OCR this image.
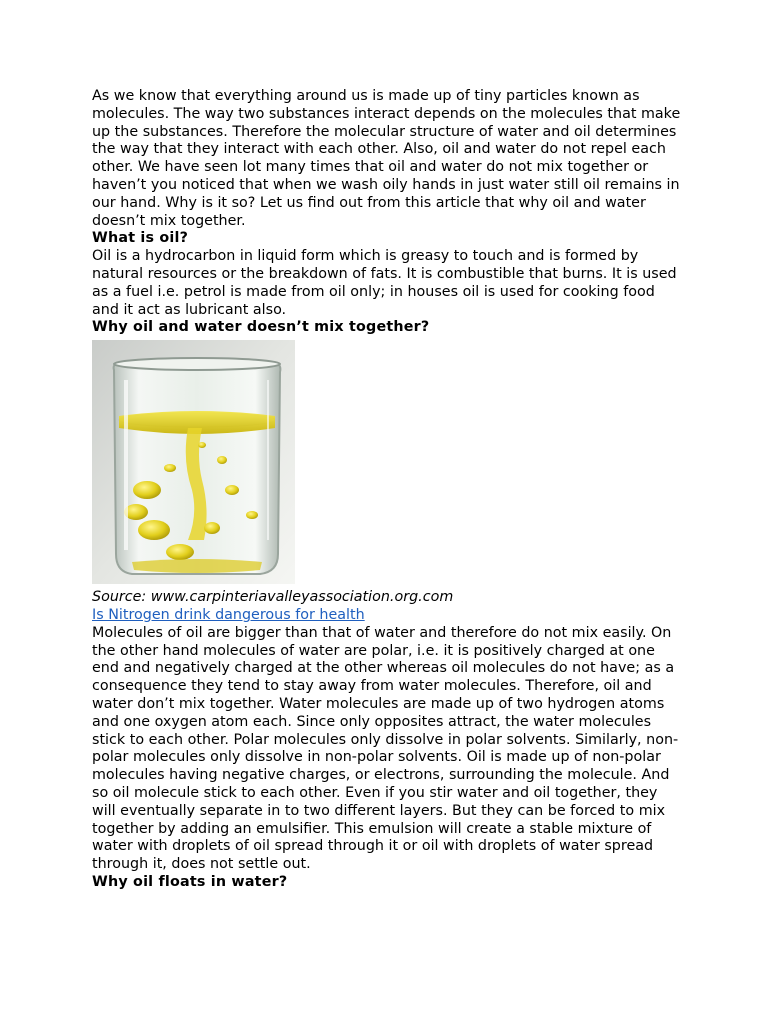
As we know that everything around us is made up of tiny particles known as molecules. The way two substances interact depends on the molecules that make up the substances. Therefore the molecular structure of water and oil determines the way that they interact with each other. Also, oil and water do not repel each other. We have seen lot many times that oil and water do not mix together or haven’t you noticed that when we wash oily hands in just water still oil remains in our hand. Why is it so? Let us find out from this article that why oil and water doesn’t mix together.

What is oil?

Oil is a hydrocarbon in liquid form which is greasy to touch and is formed by natural resources or the breakdown of fats. It is combustible that burns. It is used as a fuel i.e. petrol is made from oil only; in houses oil is used for cooking food and it act as lubricant also.

Why oil and water doesn’t mix together?

Source: www.carpinteriavalleyassociation.org.com

Is Nitrogen drink dangerous for health

Molecules of oil are bigger than that of water and therefore do not mix easily. On the other hand molecules of water are polar, i.e. it is positively charged at one end and negatively charged at the other whereas oil molecules do not have; as a consequence they tend to stay away from water molecules. Therefore, oil and water don’t mix together. Water molecules are made up of two hydrogen atoms and one oxygen atom each. Since only opposites attract, the water molecules stick to each other. Polar molecules only dissolve in polar solvents. Similarly, non-polar molecules only dissolve in non-polar solvents. Oil is made up of non-polar molecules having negative charges, or electrons, surrounding the molecule. And so oil molecule stick to each other. Even if you stir water and oil together, they will eventually separate in to two different layers. But they can be forced to mix together by adding an emulsifier. This emulsion will create a stable mixture of water with droplets of oil spread through it or oil with droplets of water spread through it, does not settle out.

Why oil floats in water?
